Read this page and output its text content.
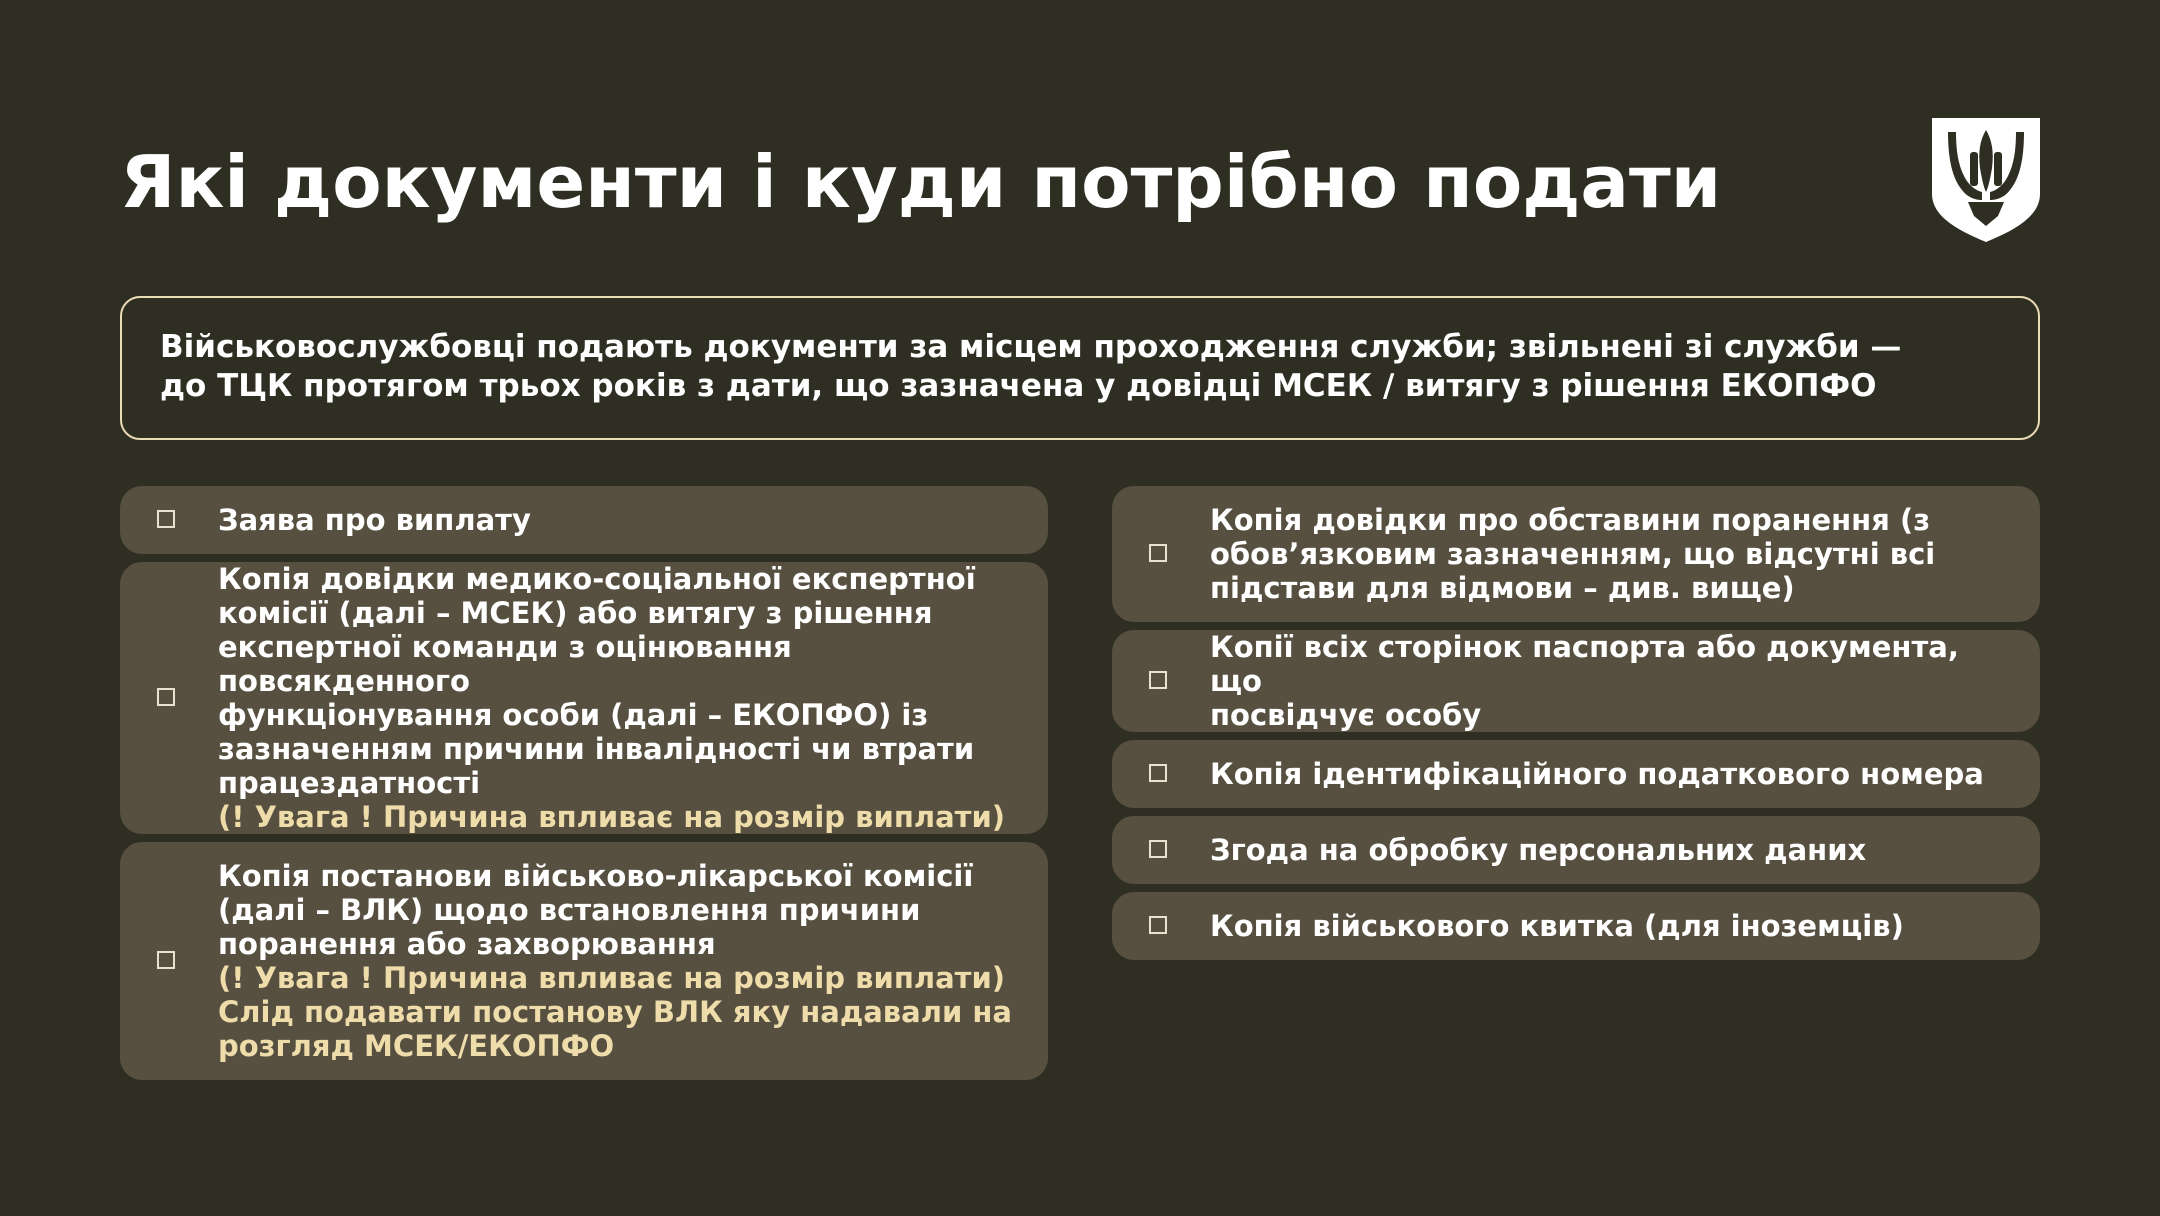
Які документи і куди потрібно подати
Військовослужбовці подають документи за місцем проходження служби; звільнені зі служби —
до ТЦК протягом трьох років з дати, що зазначена у довідці МСЕК / витягу з рішення ЕКОПФО
Заява про виплату
Копія довідки медико-соціальної експертної
комісії (далі – МСЕК) або витягу з рішення
експертної команди з оцінювання повсякденного
функціонування особи (далі – ЕКОПФО) із
зазначенням причини інвалідності чи втрати
працездатності
(! Увага ! Причина впливає на розмір виплати)
Копія постанови військово-лікарської комісії
(далі – ВЛК) щодо встановлення причини
поранення або захворювання
(! Увага ! Причина впливає на розмір виплати)
Слід подавати постанову ВЛК яку надавали на
розгляд МСЕК/ЕКОПФО
Копія довідки про обставини поранення (з
обов’язковим зазначенням, що відсутні всі
підстави для відмови – див. вище)
Копії всіх сторінок паспорта або документа, що
посвідчує особу
Копія ідентифікаційного податкового номера
Згода на обробку персональних даних
Копія військового квитка (для іноземців)
